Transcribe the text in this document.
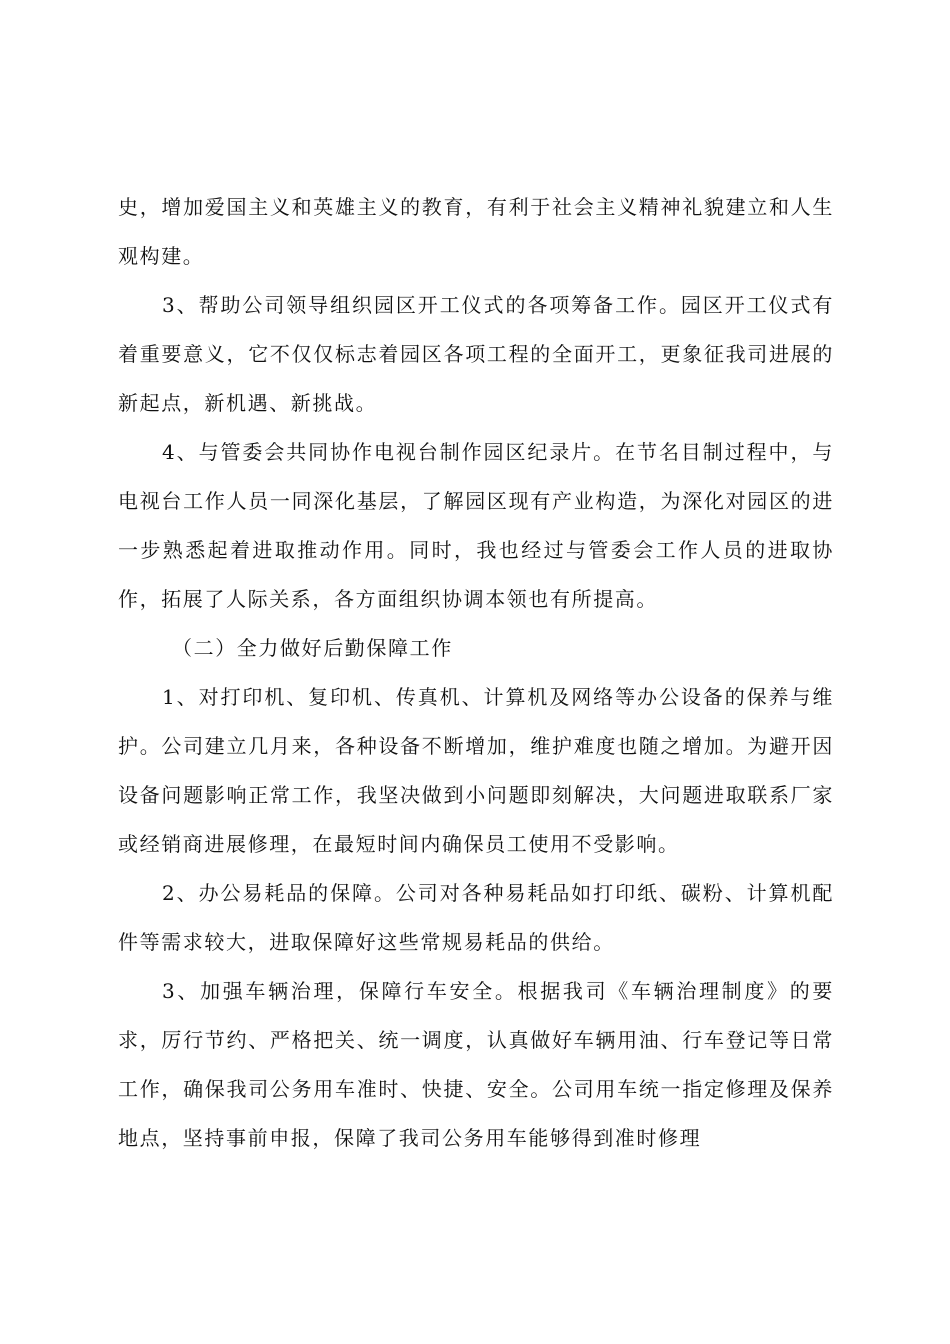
史，增加爱国主义和英雄主义的教育，有利于社会主义精神礼貌建立和人生观构建。

3、帮助公司领导组织园区开工仪式的各项筹备工作。园区开工仪式有着重要意义，它不仅仅标志着园区各项工程的全面开工，更象征我司进展的新起点，新机遇、新挑战。

4、与管委会共同协作电视台制作园区纪录片。在节名目制过程中，与电视台工作人员一同深化基层，了解园区现有产业构造，为深化对园区的进一步熟悉起着进取推动作用。同时，我也经过与管委会工作人员的进取协作，拓展了人际关系，各方面组织协调本领也有所提高。

（二）全力做好后勤保障工作

1、对打印机、复印机、传真机、计算机及网络等办公设备的保养与维护。公司建立几月来，各种设备不断增加，维护难度也随之增加。为避开因设备问题影响正常工作，我坚决做到小问题即刻解决，大问题进取联系厂家或经销商进展修理，在最短时间内确保员工使用不受影响。

2、办公易耗品的保障。公司对各种易耗品如打印纸、碳粉、计算机配件等需求较大，进取保障好这些常规易耗品的供给。

3、加强车辆治理，保障行车安全。根据我司《车辆治理制度》的要求，厉行节约、严格把关、统一调度，认真做好车辆用油、行车登记等日常工作，确保我司公务用车准时、快捷、安全。公司用车统一指定修理及保养地点，坚持事前申报，保障了我司公务用车能够得到准时修理
